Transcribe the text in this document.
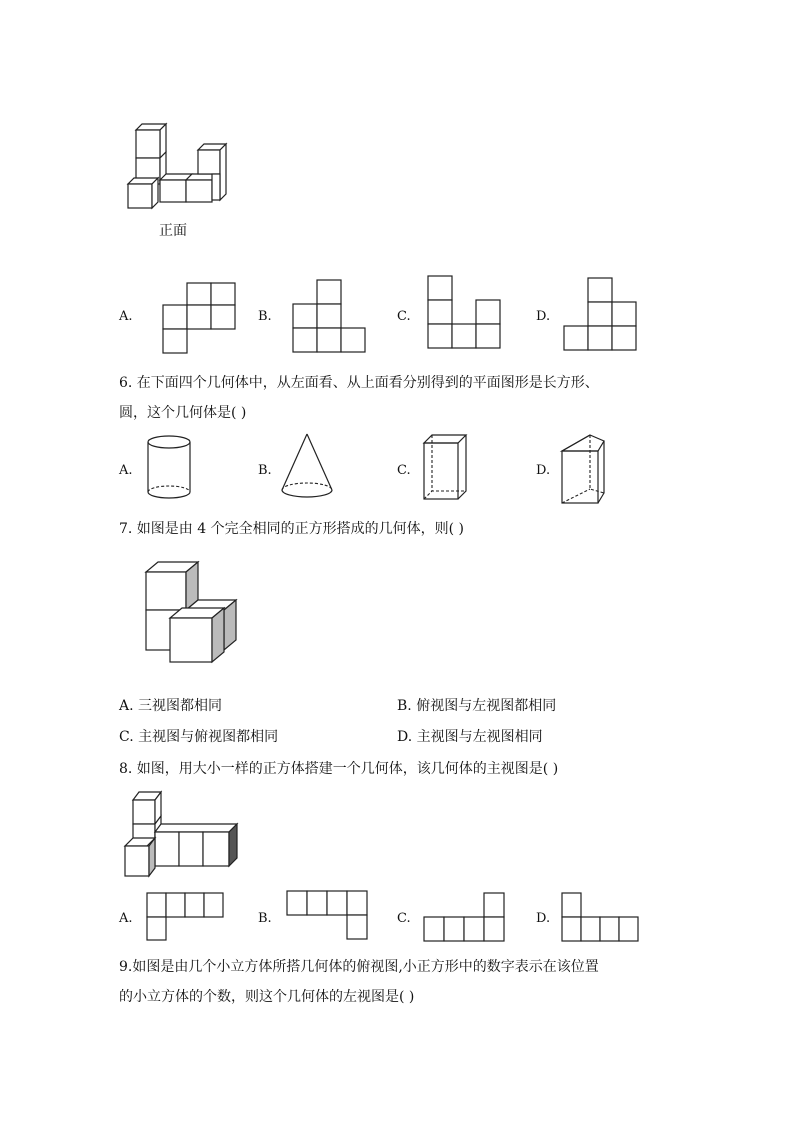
正面
A.	B.	C.	D.
6. 在下面四个几何体中，从左面看、从上面看分别得到的平面图形是长方形、
圆，这个几何体是( )
A.	B.	C.	D.
7. 如图是由 4 个完全相同的正方形搭成的几何体，则( )
A. 三视图都相同	B. 俯视图与左视图都相同
C. 主视图与俯视图都相同	D. 主视图与左视图相同
8. 如图，用大小一样的正方体搭建一个几何体，该几何体的主视图是( )
A.	B.	C.	D.
9.如图是由几个小立方体所搭几何体的俯视图,小正方形中的数字表示在该位置
的小立方体的个数，则这个几何体的左视图是( )
